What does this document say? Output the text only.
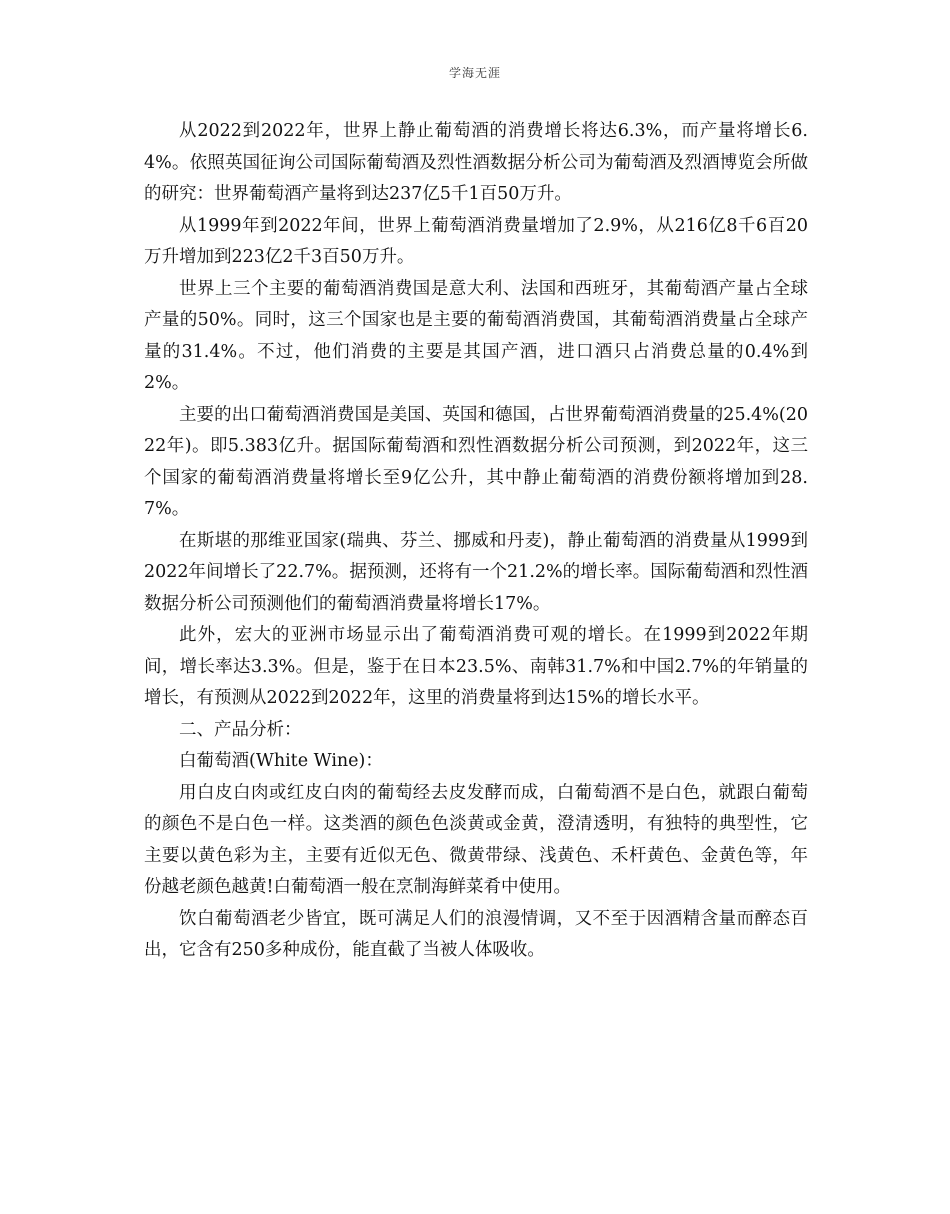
学海无涯

从2022到2022年，世界上静止葡萄酒的消费增长将达6.3%，而产量将增长6.4%。依照英国征询公司国际葡萄酒及烈性酒数据分析公司为葡萄酒及烈酒博览会所做的研究：世界葡萄酒产量将到达237亿5千1百50万升。

从1999年到2022年间，世界上葡萄酒消费量增加了2.9%，从216亿8千6百20万升增加到223亿2千3百50万升。

世界上三个主要的葡萄酒消费国是意大利、法国和西班牙，其葡萄酒产量占全球产量的50%。同时，这三个国家也是主要的葡萄酒消费国，其葡萄酒消费量占全球产量的31.4%。不过，他们消费的主要是其国产酒，进口酒只占消费总量的0.4%到2%。

主要的出口葡萄酒消费国是美国、英国和德国，占世界葡萄酒消费量的25.4%(2022年)。即5.383亿升。据国际葡萄酒和烈性酒数据分析公司预测，到2022年，这三个国家的葡萄酒消费量将增长至9亿公升，其中静止葡萄酒的消费份额将增加到28.7%。

在斯堪的那维亚国家(瑞典、芬兰、挪威和丹麦)，静止葡萄酒的消费量从1999到2022年间增长了22.7%。据预测，还将有一个21.2%的增长率。国际葡萄酒和烈性酒数据分析公司预测他们的葡萄酒消费量将增长17%。

此外，宏大的亚洲市场显示出了葡萄酒消费可观的增长。在1999到2022年期间，增长率达3.3%。但是，鉴于在日本23.5%、南韩31.7%和中国2.7%的年销量的增长，有预测从2022到2022年，这里的消费量将到达15%的增长水平。

二、产品分析：

白葡萄酒(White Wine)：

用白皮白肉或红皮白肉的葡萄经去皮发酵而成，白葡萄酒不是白色，就跟白葡萄的颜色不是白色一样。这类酒的颜色色淡黄或金黄，澄清透明，有独特的典型性，它主要以黄色彩为主，主要有近似无色、微黄带绿、浅黄色、禾杆黄色、金黄色等，年份越老颜色越黄!白葡萄酒一般在烹制海鲜菜肴中使用。

饮白葡萄酒老少皆宜，既可满足人们的浪漫情调，又不至于因酒精含量而醉态百出，它含有250多种成份，能直截了当被人体吸收。
